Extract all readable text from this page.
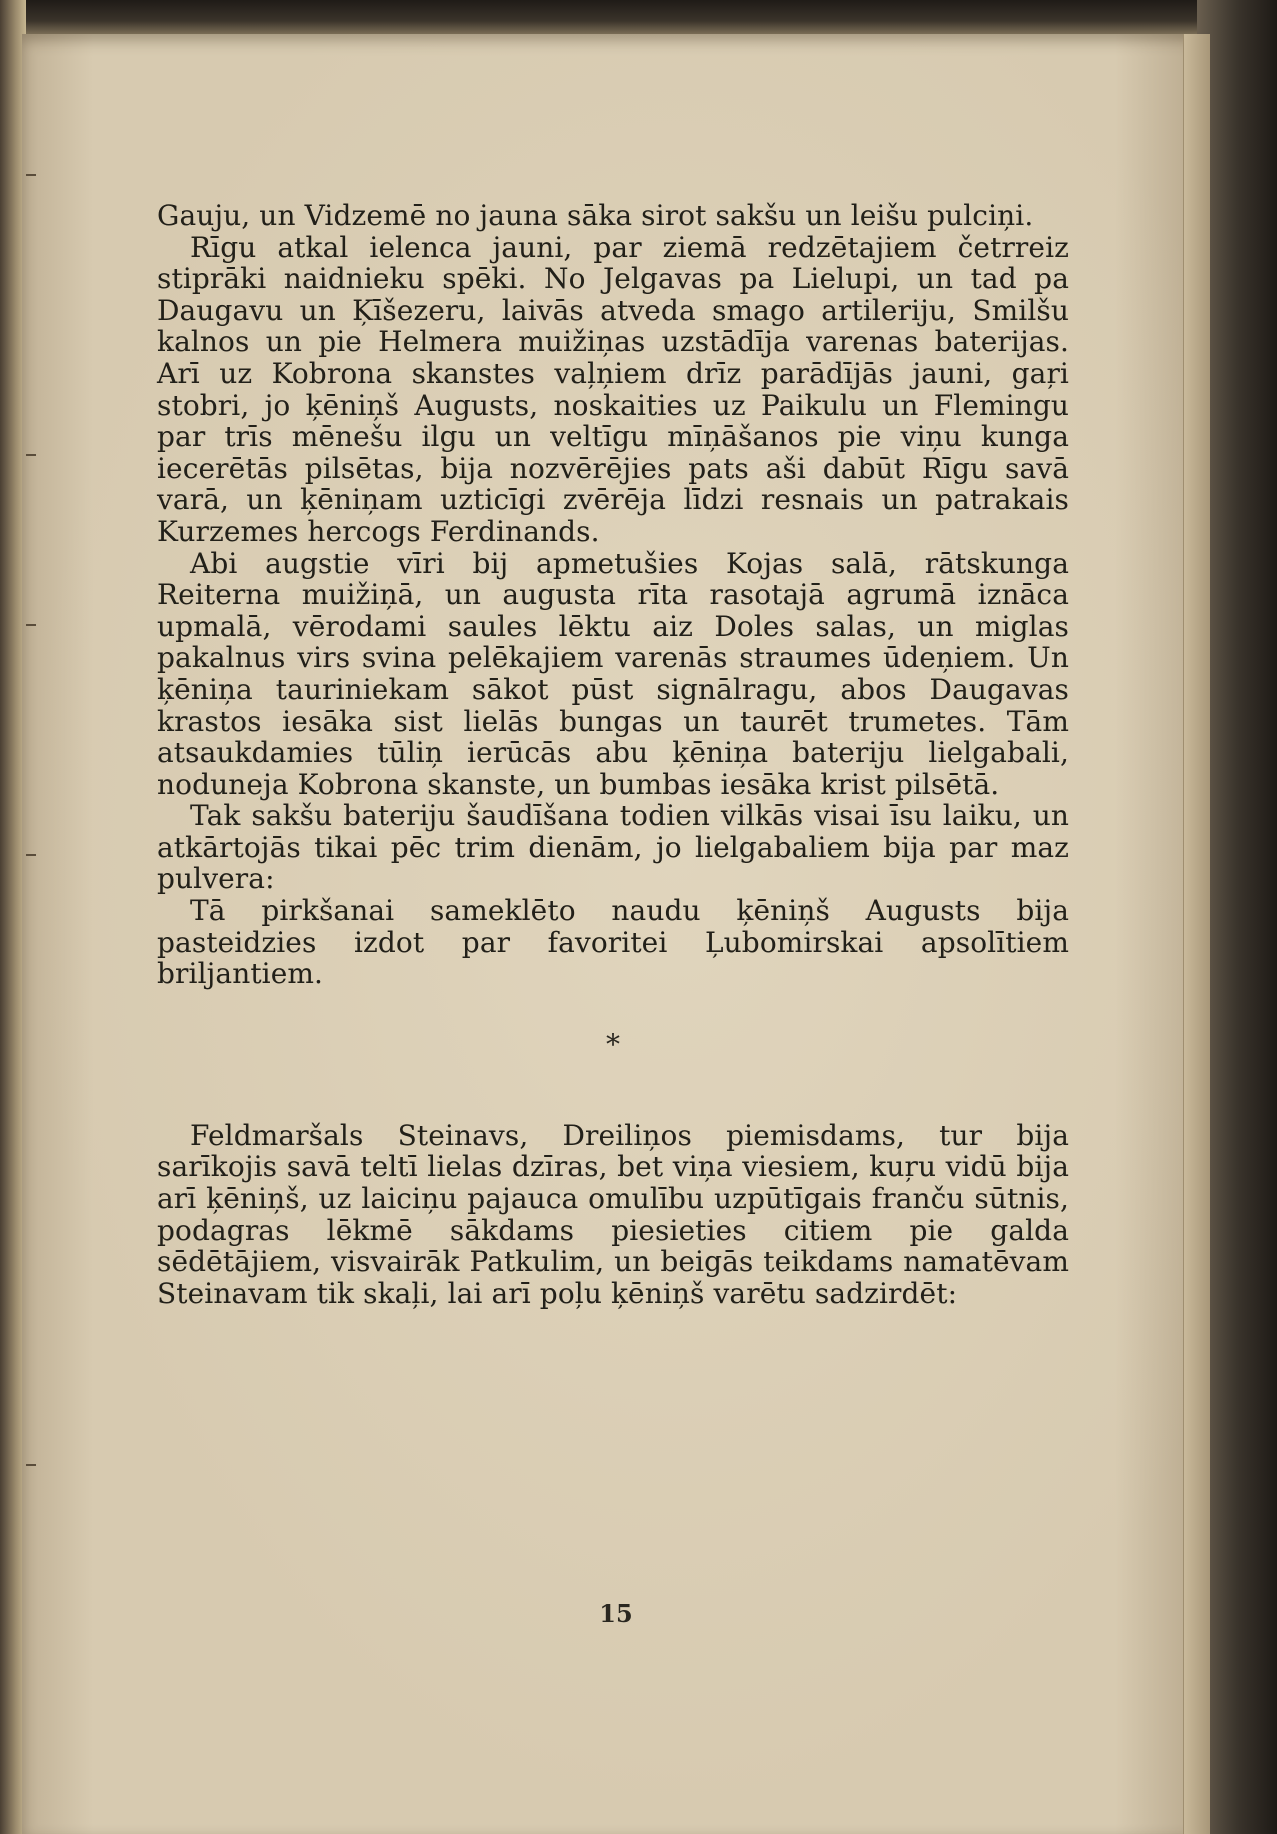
Gauju, un Vidzemē no jauna sāka sirot sakšu un leišu pulciņi.

Rīgu atkal ielenca jauni, par ziemā redzētajiem četrreiz stiprāki naidnieku spēki. No Jelgavas pa Lielupi, un tad pa Daugavu un Ķīšezeru, laivās atveda smago artileriju, Smilšu kalnos un pie Helmera muižiņas uzstādīja varenas baterijas. Arī uz Kobrona skanstes vaļņiem drīz parādījās jauni, gaŗi stobri, jo ķēniņš Augusts, noskaities uz Paikulu un Flemingu par trīs mēnešu ilgu un veltīgu mīņāšanos pie viņu kunga iecerētās pilsētas, bija nozvērējies pats aši dabūt Rīgu savā varā, un ķēniņam uzticīgi zvērēja līdzi resnais un patrakais Kurzemes hercogs Ferdinands.

Abi augstie vīri bij apmetušies Kojas salā, rātskunga Reiterna muižiņā, un augusta rīta rasotajā agrumā iznāca upmalā, vērodami saules lēktu aiz Doles salas, un miglas pakalnus virs svina pelēkajiem varenās straumes ūdeņiem. Un ķēniņa tauriniekam sākot pūst signālragu, abos Daugavas krastos iesāka sist lielās bungas un taurēt trumetes. Tām atsaukdamies tūliņ ierūcās abu ķēniņa bateriju lielgabali, noduneja Kobrona skanste, un bumbas iesāka krist pilsētā.

Tak sakšu bateriju šaudīšana todien vilkās visai īsu laiku, un atkārtojās tikai pēc trim dienām, jo lielgabaliem bija par maz pulvera:

Tā pirkšanai sameklēto naudu ķēniņš Augusts bija pasteidzies izdot par favoritei Ļubomirskai apsolītiem briljantiem.

*

Feldmaršals Steinavs, Dreiliņos piemisdams, tur bija sarīkojis savā teltī lielas dzīras, bet viņa viesiem, kuŗu vidū bija arī ķēniņš, uz laiciņu pajauca omulību uzpūtīgais franču sūtnis, podagras lēkmē sākdams piesieties citiem pie galda sēdētājiem, visvairāk Patkulim, un beigās teikdams namatēvam Steinavam tik skaļi, lai arī poļu ķēniņš varētu sadzirdēt:

15
